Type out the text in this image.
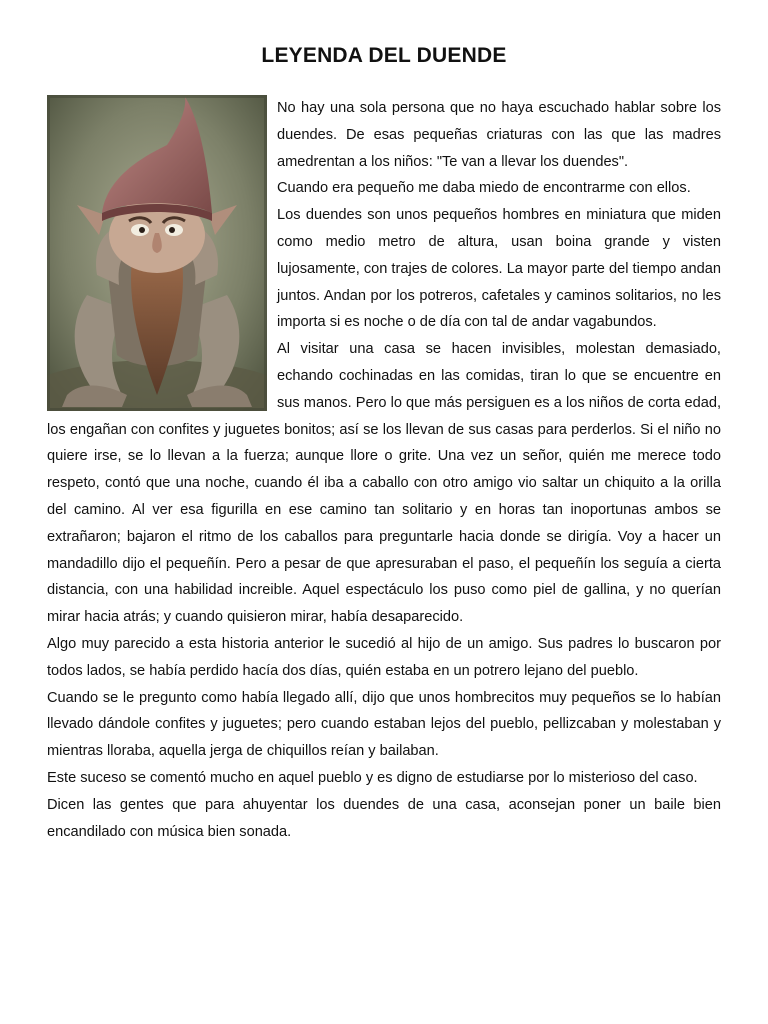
LEYENDA DEL DUENDE

No hay una sola persona que no haya escuchado hablar sobre los duendes. De esas pequeñas criaturas con las que las madres amedrentan a los niños: "Te van a llevar los duendes".

Cuando era pequeño me daba miedo de encontrarme con ellos.

Los duendes son unos pequeños hombres en miniatura que miden como medio metro de altura, usan boina grande y visten lujosamente, con trajes de colores. La mayor parte del tiempo andan juntos. Andan por los potreros, cafetales y caminos solitarios, no les importa si es noche o de día con tal de andar vagabundos.

Al visitar una casa se hacen invisibles, molestan demasiado, echando cochinadas en las comidas, tiran lo que se encuentre en sus manos. Pero lo que más persiguen es a los niños de corta edad, los engañan con confites y juguetes bonitos; así se los llevan de sus casas para perderlos. Si el niño no quiere irse, se lo llevan a la fuerza; aunque llore o grite. Una vez un señor, quién me merece todo respeto, contó que una noche, cuando él iba a caballo con otro amigo vio saltar un chiquito a la orilla del camino. Al ver esa figurilla en ese camino tan solitario y en horas tan inoportunas ambos se extrañaron; bajaron el ritmo de los caballos para preguntarle hacia donde se dirigía. Voy a hacer un mandadillo dijo el pequeñín. Pero a pesar de que apresuraban el paso, el pequeñín los seguía a cierta distancia, con una habilidad increible. Aquel espectáculo los puso como piel de gallina, y no querían mirar hacia atrás; y cuando quisieron mirar, había desaparecido.

Algo muy parecido a esta historia anterior le sucedió al hijo de un amigo. Sus padres lo buscaron por todos lados, se había perdido hacía dos días, quién estaba en un potrero lejano del pueblo.

Cuando se le pregunto como había llegado allí, dijo que unos hombrecitos muy pequeños se lo habían llevado dándole confites y juguetes; pero cuando estaban lejos del pueblo, pellizcaban y molestaban y mientras lloraba, aquella jerga de chiquillos reían y bailaban.

Este suceso se comentó mucho en aquel pueblo y es digno de estudiarse por lo misterioso del caso.

Dicen las gentes que para ahuyentar los duendes de una casa, aconsejan poner un baile bien encandilado con música bien sonada.
